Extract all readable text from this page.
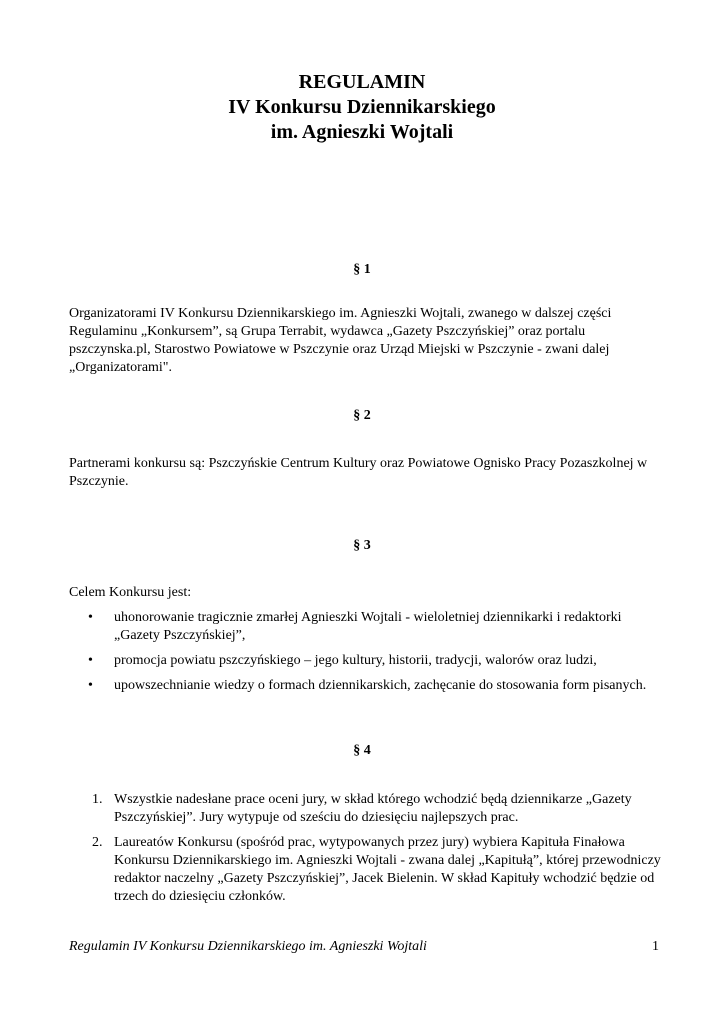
REGULAMIN
IV Konkursu Dziennikarskiego
im. Agnieszki Wojtali
§ 1
Organizatorami IV Konkursu Dziennikarskiego im. Agnieszki Wojtali, zwanego w dalszej części Regulaminu „Konkursem”, są Grupa Terrabit, wydawca „Gazety Pszczyńskiej” oraz portalu pszczynska.pl, Starostwo Powiatowe w Pszczynie oraz Urząd Miejski w Pszczynie - zwani dalej „Organizatorami".
§ 2
Partnerami konkursu są: Pszczyńskie Centrum Kultury oraz Powiatowe Ognisko Pracy Pozaszkolnej w Pszczynie.
§ 3
Celem Konkursu jest:
• uhonorowanie tragicznie zmarłej Agnieszki Wojtali - wieloletniej dziennikarki i redaktorki „Gazety Pszczyńskiej”,
• promocja powiatu pszczyńskiego – jego kultury, historii, tradycji, walorów oraz ludzi,
• upowszechnianie wiedzy o formach dziennikarskich, zachęcanie do stosowania form pisanych.
§ 4
1. Wszystkie nadesłane prace oceni jury, w skład którego wchodzić będą dziennikarze „Gazety Pszczyńskiej”. Jury wytypuje od sześciu do dziesięciu najlepszych prac.
2. Laureatów Konkursu (spośród prac, wytypowanych przez jury) wybiera Kapituła Finałowa Konkursu Dziennikarskiego im. Agnieszki Wojtali - zwana dalej „Kapitułą”, której przewodniczy redaktor naczelny „Gazety Pszczyńskiej”, Jacek Bielenin. W skład Kapituły wchodzić będzie od trzech do dziesięciu członków.
Regulamin IV Konkursu Dziennikarskiego im. Agnieszki Wojtali	1
